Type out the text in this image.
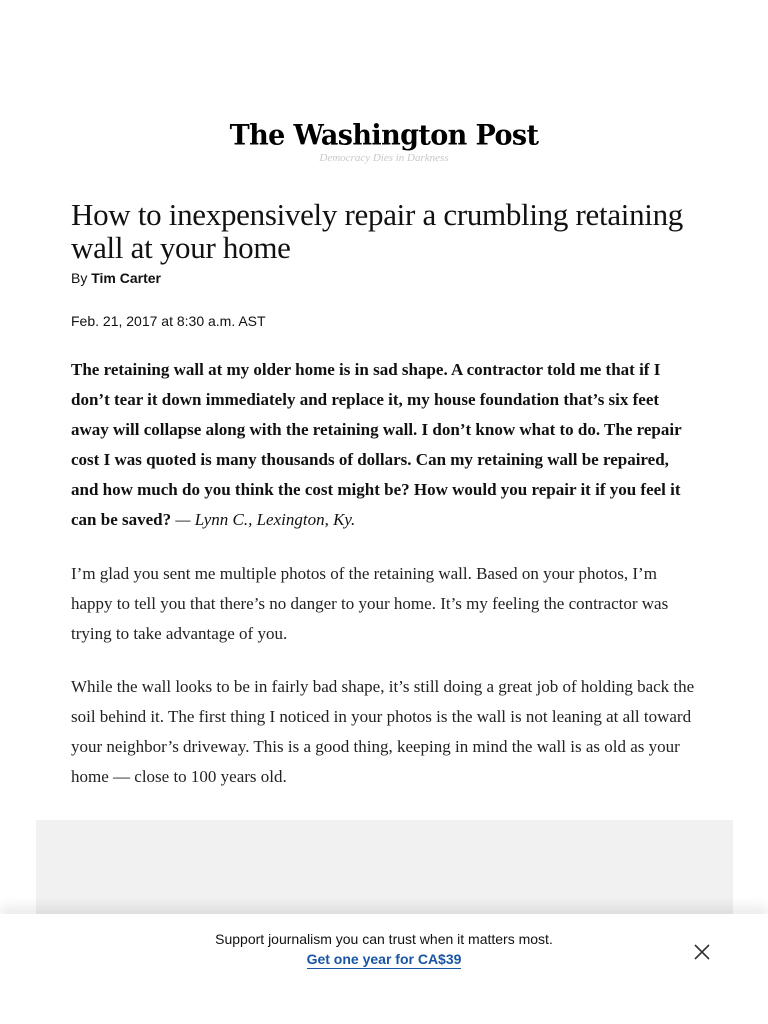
The Washington Post
Democracy Dies in Darkness
How to inexpensively repair a crumbling retaining wall at your home
By Tim Carter
Feb. 21, 2017 at 8:30 a.m. AST

The retaining wall at my older home is in sad shape. A contractor told me that if I don’t tear it down immediately and replace it, my house foundation that’s six feet away will collapse along with the retaining wall. I don’t know what to do. The repair cost I was quoted is many thousands of dollars. Can my retaining wall be repaired, and how much do you think the cost might be? How would you repair it if you feel it can be saved? — Lynn C., Lexington, Ky.

I’m glad you sent me multiple photos of the retaining wall. Based on your photos, I’m happy to tell you that there’s no danger to your home. It’s my feeling the contractor was trying to take advantage of you.

While the wall looks to be in fairly bad shape, it’s still doing a great job of holding back the soil behind it. The first thing I noticed in your photos is the wall is not leaning at all toward your neighbor’s driveway. This is a good thing, keeping in mind the wall is as old as your home — close to 100 years old.

Support journalism you can trust when it matters most.
Get one year for CA$39
